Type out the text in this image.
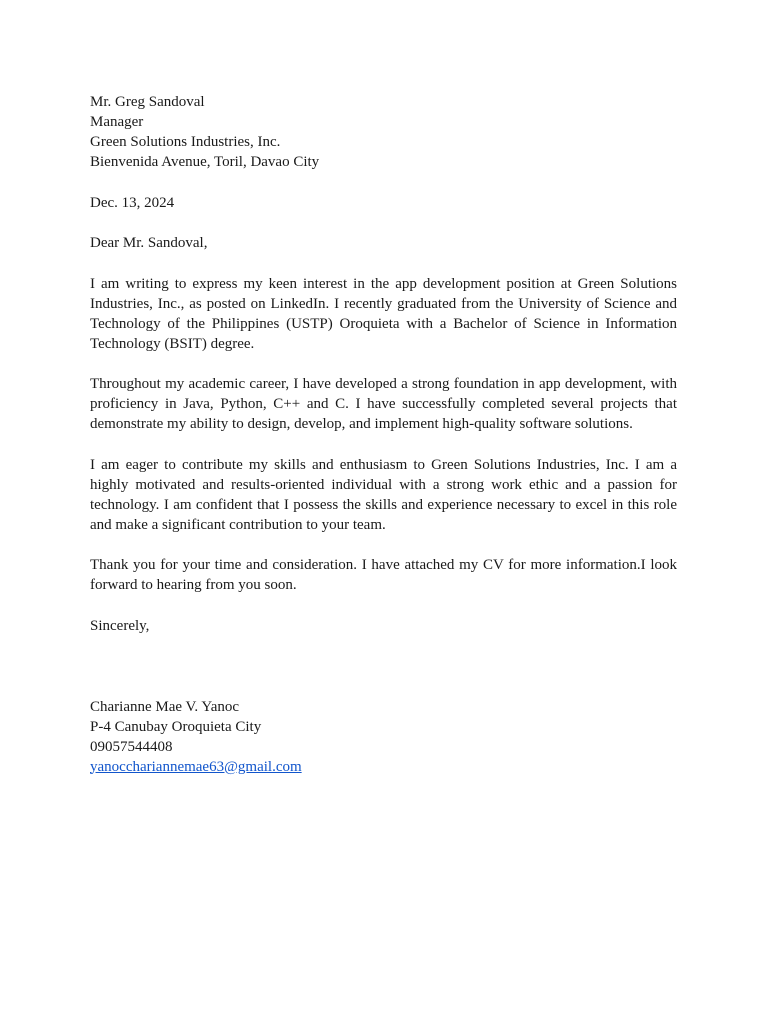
Mr. Greg Sandoval
Manager
Green Solutions Industries, Inc.
Bienvenida Avenue, Toril, Davao City
Dec. 13, 2024
Dear Mr. Sandoval,

I am writing to express my keen interest in the app development position at Green Solutions Industries, Inc., as posted on LinkedIn. I recently graduated from the University of Science and Technology of the Philippines (USTP) Oroquieta with a Bachelor of Science in Information Technology (BSIT) degree.

Throughout my academic career, I have developed a strong foundation in app development, with proficiency in Java, Python, C++ and C. I have successfully completed several projects that demonstrate my ability to design, develop, and implement high-quality software solutions.

I am eager to contribute my skills and enthusiasm to Green Solutions Industries, Inc. I am a highly motivated and results-oriented individual with a strong work ethic and a passion for technology. I am confident that I possess the skills and experience necessary to excel in this role and make a significant contribution to your team.

Thank you for your time and consideration. I have attached my CV for more information.I look forward to hearing from you soon.

Sincerely,
Charianne Mae V. Yanoc
P-4 Canubay Oroquieta City
09057544408
yanocchariannemae63@gmail.com
